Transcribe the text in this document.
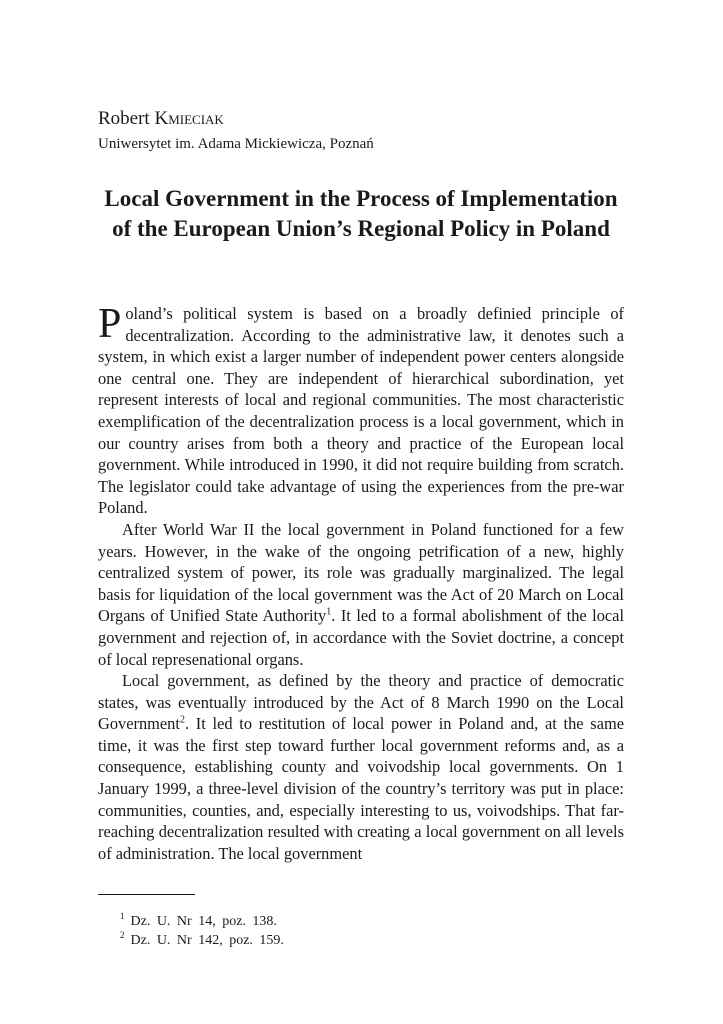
Robert Kmieciak
Uniwersytet im. Adama Mickiewicza, Poznań
Local Government in the Process of Implementation
of the European Union’s Regional Policy in Poland

Poland’s political system is based on a broadly definied principle of decentralization. According to the administrative law, it denotes such a system, in which exist a larger number of independent power centers alongside one central one. They are independent of hierarchical subordination, yet represent interests of local and regional communities. The most characteristic exemplification of the decentralization process is a local government, which in our country arises from both a theory and practice of the European local government. While introduced in 1990, it did not require building from scratch. The legislator could take advantage of using the experiences from the pre-war Poland.

After World War II the local government in Poland functioned for a few years. However, in the wake of the ongoing petrification of a new, highly centralized system of power, its role was gradually marginalized. The legal basis for liquidation of the local government was the Act of 20 March on Local Organs of Unified State Authority$^1$. It led to a formal abolishment of the local government and rejection of, in accordance with the Soviet doctrine, a concept of local represenational organs.

Local government, as defined by the theory and practice of democratic states, was eventually introduced by the Act of 8 March 1990 on the Local Government$^2$. It led to restitution of local power in Poland and, at the same time, it was the first step toward further local government reforms and, as a consequence, establishing county and voivodship local governments. On 1 January 1999, a three-level division of the country’s territory was put in place: communities, counties, and, especially interesting to us, voivodships. That far-reaching decentralization resulted with creating a local government on all levels of administration. The local government

$^1$ Dz. U. Nr 14, poz. 138.
$^2$ Dz. U. Nr 142, poz. 159.
